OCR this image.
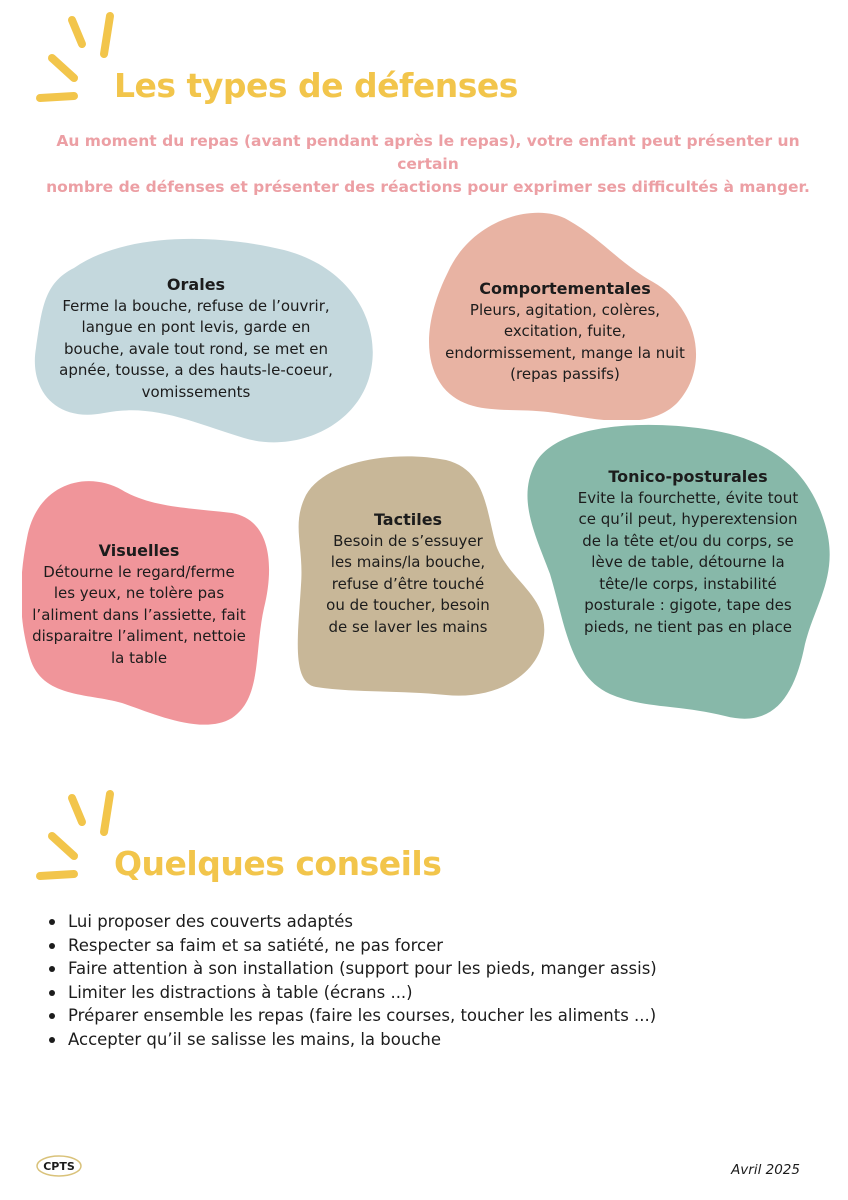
Les types de défenses
Au moment du repas (avant pendant après le repas), votre enfant peut présenter un certain
nombre de défenses et présenter des réactions pour exprimer ses difficultés à manger.
Orales
Ferme la bouche, refuse de l’ouvrir,
langue en pont levis, garde en
bouche, avale tout rond, se met en
apnée, tousse, a des hauts-le-coeur,
vomissements
Comportementales
Pleurs, agitation, colères,
excitation, fuite,
endormissement, mange la nuit
(repas passifs)
Tonico-posturales
Evite la fourchette, évite tout
ce qu’il peut, hyperextension
de la tête et/ou du corps, se
lève de table, détourne la
tête/le corps, instabilité
posturale : gigote, tape des
pieds, ne tient pas en place
Visuelles
Détourne le regard/ferme
les yeux, ne tolère pas
l’aliment dans l’assiette, fait
disparaitre l’aliment, nettoie
la table
Tactiles
Besoin de s’essuyer
les mains/la bouche,
refuse d’être touché
ou de toucher, besoin
de se laver les mains
Quelques conseils
Lui proposer des couverts adaptés
Respecter sa faim et sa satiété, ne pas forcer
Faire attention à son installation (support pour les pieds, manger assis)
Limiter les distractions à table (écrans ...)
Préparer ensemble les repas (faire les courses, toucher les aliments ...)
Accepter qu’il se salisse les mains, la bouche
CPTS	Avril 2025
